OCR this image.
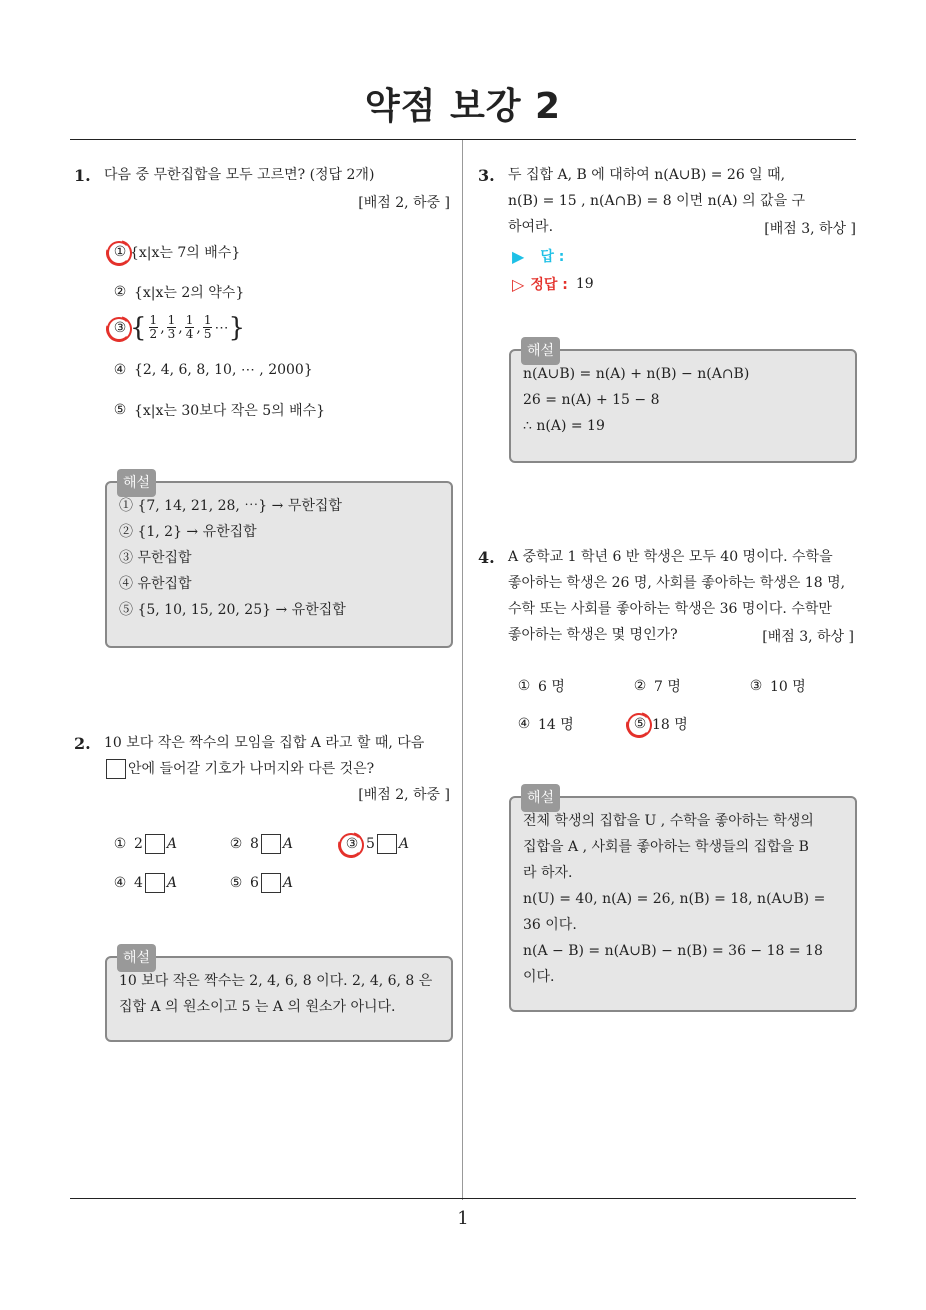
약점 보강 2
1. 다음 중 무한집합을 모두 고르면? (정답 2개)
[배점 2, 하중 ]
① {x|x는 7의 배수}
② {x|x는 2의 약수}
③ { $\frac{1}{2}$ , $\frac{1}{3}$ , $\frac{1}{4}$ , $\frac{1}{5}$ ⋯ }
④ {2, 4, 6, 8, 10, ⋯ , 2000}
⑤ {x|x는 30보다 작은 5의 배수}
해설
① {7, 14, 21, 28, ⋯} → 무한집합
② {1, 2} → 유한집합
③ 무한집합
④ 유한집합
⑤ {5, 10, 15, 20, 25} → 유한집합
2. 10 보다 작은 짝수의 모임을 집합 A 라고 할 때, 다음
안에 들어갈 기호가 나머지와 다른 것은?
[배점 2, 하중 ]
① 2 A	② 8 A	③ 5 A
④ 4 A	⑤ 6 A
해설
10 보다 작은 짝수는 2, 4, 6, 8 이다. 2, 4, 6, 8 은
집합 A 의 원소이고 5 는 A 의 원소가 아니다.
3. 두 집합 A, B 에 대하여 n(A∪B) = 26 일 때,
n(B) = 15 , n(A∩B) = 8 이면 n(A) 의 값을 구
하여라.	[배점 3, 하상 ]
▶ 답 :
▷ 정답 : 19
해설
n(A∪B) = n(A) + n(B) − n(A∩B)
26 = n(A) + 15 − 8
∴ n(A) = 19
4. A 중학교 1 학년 6 반 학생은 모두 40 명이다. 수학을
좋아하는 학생은 26 명, 사회를 좋아하는 학생은 18 명,
수학 또는 사회를 좋아하는 학생은 36 명이다. 수학만
좋아하는 학생은 몇 명인가?	[배점 3, 하상 ]
① 6 명	② 7 명	③ 10 명
④ 14 명	⑤ 18 명
해설
전체 학생의 집합을 U , 수학을 좋아하는 학생의
집합을 A , 사회를 좋아하는 학생들의 집합을 B
라 하자.
n(U) = 40, n(A) = 26, n(B) = 18, n(A∪B) =
36 이다.
n(A − B) = n(A∪B) − n(B) = 36 − 18 = 18
이다.
1
